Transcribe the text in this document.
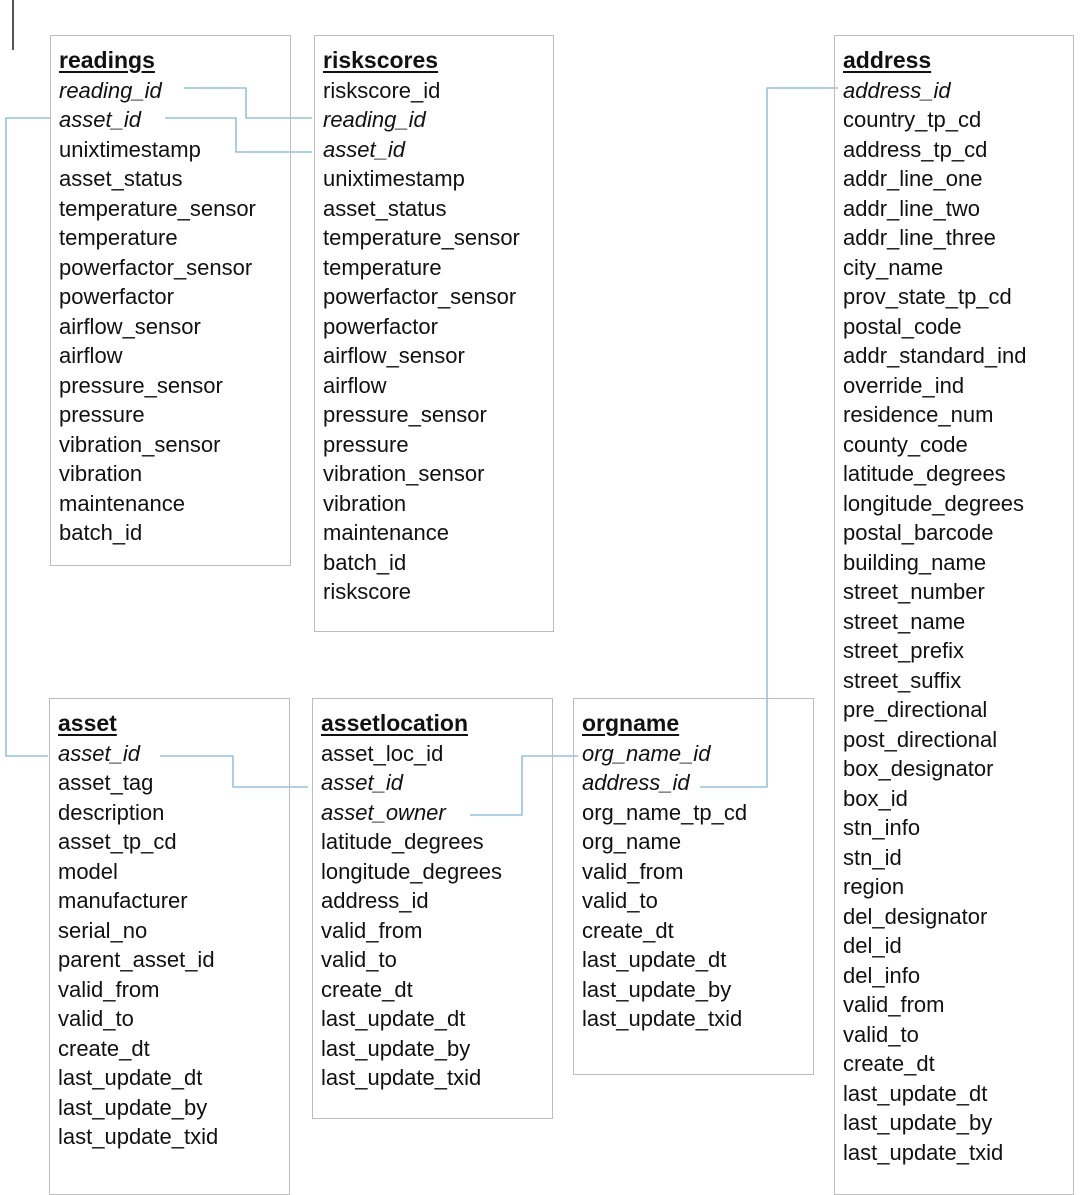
readings
reading_id
asset_id
unixtimestamp
asset_status
temperature_sensor
temperature
powerfactor_sensor
powerfactor
airflow_sensor
airflow
pressure_sensor
pressure
vibration_sensor
vibration
maintenance
batch_id
riskscores
riskscore_id
reading_id
asset_id
unixtimestamp
asset_status
temperature_sensor
temperature
powerfactor_sensor
powerfactor
airflow_sensor
airflow
pressure_sensor
pressure
vibration_sensor
vibration
maintenance
batch_id
riskscore
address
address_id
country_tp_cd
address_tp_cd
addr_line_one
addr_line_two
addr_line_three
city_name
prov_state_tp_cd
postal_code
addr_standard_ind
override_ind
residence_num
county_code
latitude_degrees
longitude_degrees
postal_barcode
building_name
street_number
street_name
street_prefix
street_suffix
pre_directional
post_directional
box_designator
box_id
stn_info
stn_id
region
del_designator
del_id
del_info
valid_from
valid_to
create_dt
last_update_dt
last_update_by
last_update_txid
asset
asset_id
asset_tag
description
asset_tp_cd
model
manufacturer
serial_no
parent_asset_id
valid_from
valid_to
create_dt
last_update_dt
last_update_by
last_update_txid
assetlocation
asset_loc_id
asset_id
asset_owner
latitude_degrees
longitude_degrees
address_id
valid_from
valid_to
create_dt
last_update_dt
last_update_by
last_update_txid
orgname
org_name_id
address_id
org_name_tp_cd
org_name
valid_from
valid_to
create_dt
last_update_dt
last_update_by
last_update_txid
